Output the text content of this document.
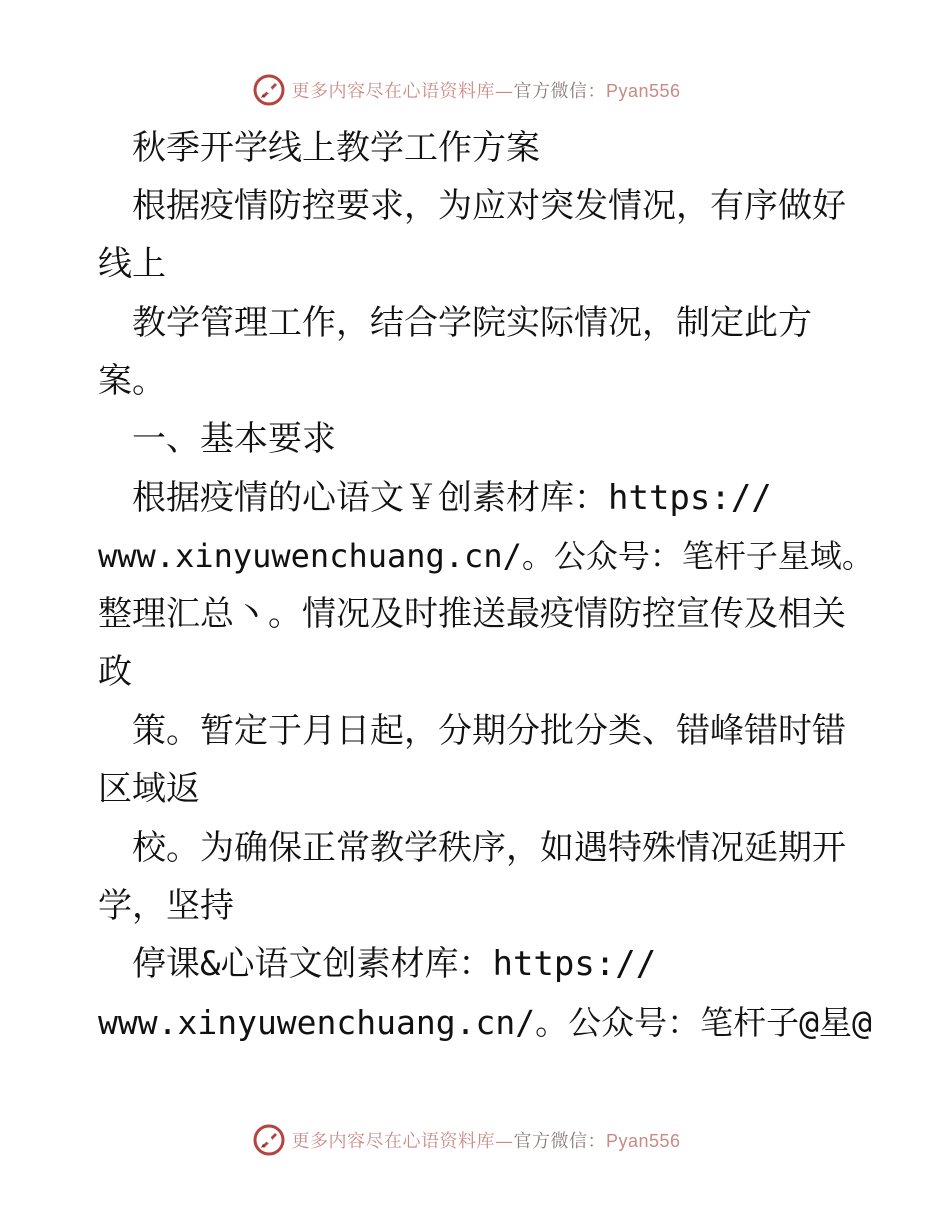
更多内容尽在心语资料库—官方微信：Pyan556
秋季开学线上教学工作方案
根据疫情防控要求，为应对突发情况，有序做好
线上
教学管理工作，结合学院实际情况，制定此方
案。
一、基本要求
根据疫情的心语文￥创素材库：https://
www.xinyuwenchuang.cn/。公众号：笔杆子星域。
整理汇总丶。情况及时推送最疫情防控宣传及相关
政
策。暂定于月日起，分期分批分类、错峰错时错
区域返
校。为确保正常教学秩序，如遇特殊情况延期开
学，坚持
停课&心语文创素材库：https://
www.xinyuwenchuang.cn/。公众号：笔杆子@星@
更多内容尽在心语资料库—官方微信：Pyan556
